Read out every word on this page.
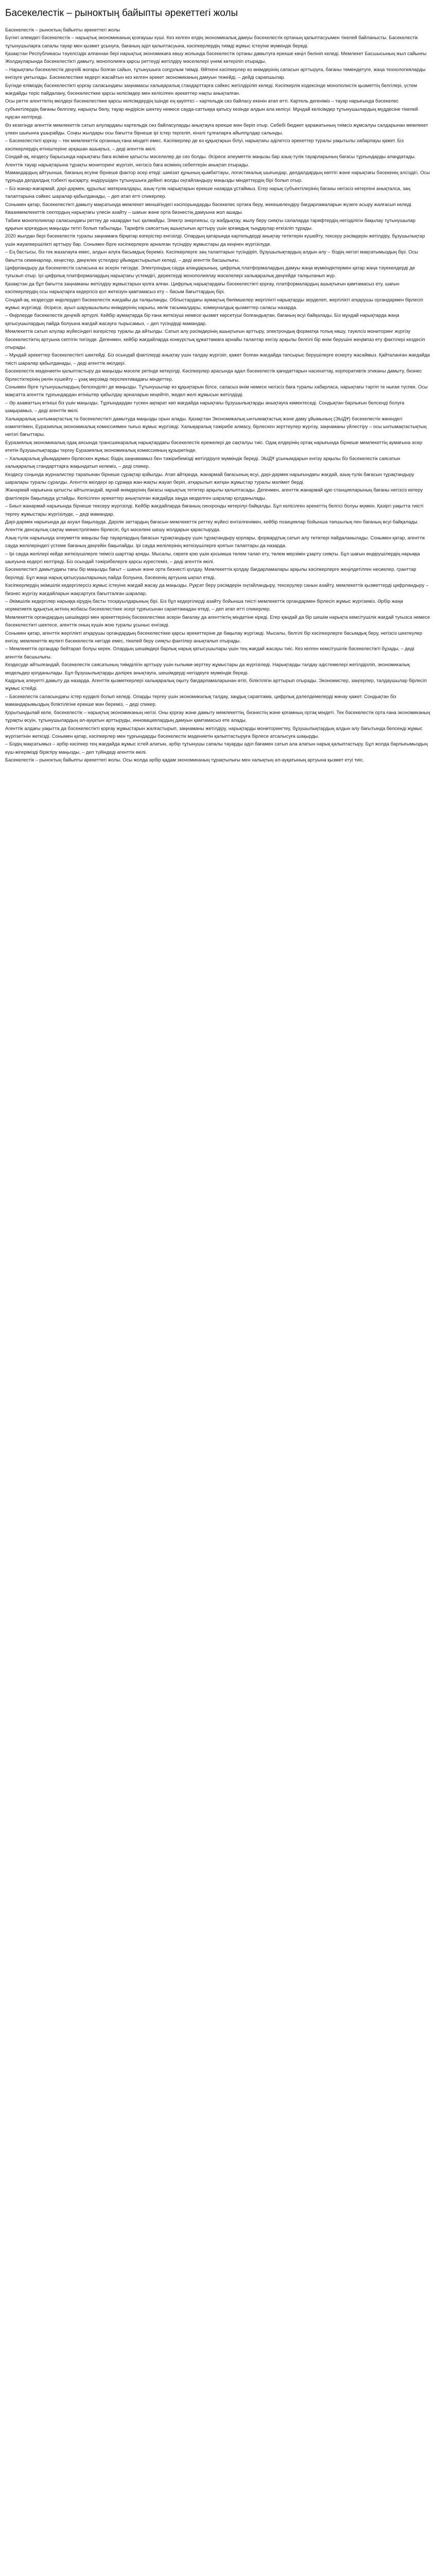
Басекелестік – рыноктың байыпты әрекеттегі жолы

Басекелестік – рыноктың байыпты әрекеттегі жолы

Бүгінгі әлемдегі бәсекелестік – нарықтық экономиканың қозғаушы күші. Кез келген елдің экономикалық дамуы бәсекелестік ортаның қалыптасуымен тікелей байланысты. Басекелестік тұтынушыларға сапалы тауар мен қызмет ұсынуға, бағаның әділ қалыптасуына, кәсіпкерлердің тиімді жұмыс істеуіне мүмкіндік береді.

Қазақстан Республикасы тәуелсіздік алғаннан бері нарықтық экономикаға көшу жолында бәсекелестік ортаны дамытуға ерекше көңіл бөлініп келеді. Мемлекет Басшысының жыл сайынғы Жолдауларында бәсекелестікті дамыту, монополияға қарсы реттеуді жетілдіру мәселелері үнемі көтеріліп отырады.

– Нарықтағы бәсекелестік деңгейі жоғары болған сайын, тұтынушыға соғұрлым тиімді. Өйткені кәсіпкерлер өз өнімдерінің сапасын арттыруға, бағаны төмендетуге, жаңа технологияларды енгізуге ұмтылады. Бәсекелестікке кедергі жасайтын кез келген әрекет экономиканың дамуын тежейді, – дейді сарапшылар.

Бүгінде еліміздің бәсекелестікті қорғау саласындағы заңнамасы халықаралық стандарттарға сәйкес жетілдіріліп келеді. Кәсіпкерлік кодексінде монополистік қызметтің белгілері, үстем жағдайды теріс пайдалану, бәсекелестікке қарсы келісімдер мен келісілген әрекеттер нақты анықталған.

Осы ретте агенттіктің өкілдері бәсекелестікке қарсы келісімдердің ішінде ең қауіптісі – картельдік сөз байласу екенін атап өтті. Картель дегеніміз – тауар нарығында бәсекелес субъектілердің бағаны белгілеу, нарықты бөлу, тауар өндірісін шектеу немесе сауда-саттыққа қатысу кезінде алдын ала келісуі. Мұндай келісімдер тұтынушылардың мүддесіне тікелей нұқсан келтіреді.

Өз кезегінде агенттік мемлекеттік сатып алулардағы картельдік сөз байласуларды анықтауға ерекше мән беріп отыр. Себебі бюджет қаражатының тиімсіз жұмсалуы салдарынан мемлекет үлкен шығынға ұшырайды. Соңғы жылдары осы бағытта бірнеше ірі істер тергеліп, кінәлі тұлғаларға айыппұлдар салынды.

– Бәсекелестікті қорғау – тек мемлекеттік органның ғана міндеті емес. Кәсіпкерлер де өз құқықтарын білуі, нарықтағы әділетсіз әрекеттер туралы уақытылы хабарлауы қажет. Біз кәсіпкерлердің өтініштеріне әрқашан ашықпыз, – деді агенттік өкілі.

Сондай-ақ, кездесу барысында нарықтағы баға өсіміне қатысты мәселелер де сөз болды. Әсіресе әлеуметтік маңызы бар азық-түлік тауарларының бағасы тұрғындарды алаңдатады. Агенттік тауар нарықтарына тұрақты мониторинг жүргізіп, негізсіз баға өсімінің себептерін анықтап отырады.

Мамандардың айтуынша, бағаның өсуіне бірнеше фактор әсер етеді: шикізат құнының қымбаттауы, логистикалық шығындар, делдалдардың көптігі және нарықтағы бәсекенің әлсіздігі. Осы тұрғыда делдалдық тізбекті қысқарту, өндірушіден тұтынушыға дейінгі жолды оңтайландыру маңызды міндеттердің бірі болып отыр.

– Біз жанар-жағармай, дәрі-дәрмек, құрылыс материалдары, азық-түлік нарықтарын ерекше назарда ұстаймыз. Егер нарық субъектілерінің бағаны негізсіз көтергені анықталса, заң талаптарына сәйкес шаралар қабылданады, – деп атап өтті спикерлер.

Сонымен қатар, бәсекелестікті дамыту мақсатында мемлекет меншігіндегі кәсіпорындарды бәсекелес ортаға беру, жекешелендіру бағдарламаларын жүзеге асыру жалғасып келеді. Квазимемлекеттік сектордың нарықтағы үлесін азайту – шағын және орта бизнестің дамуына жол ашады.

Табиғи монополиялар саласындағы реттеу де назардан тыс қалмайды. Электр энергиясы, су жабдықтау, жылу беру сияқты салаларда тарифтердің негізділігін бақылау тұтынушылар құқығын қорғаудың маңызды тетігі болып табылады. Тарифтік саясаттың ашықтығын арттыру үшін қоғамдық тыңдаулар өткізіліп тұрады.

2020 жылдан бері бәсекелестік туралы заңнамаға бірқатар өзгерістер енгізілді. Олардың қатарында картельдерді анықтау тетіктерін күшейту, тексеру рәсімдерін жетілдіру, бұзушылықтар үшін жауапкершілікті арттыру бар. Сонымен бірге кәсіпкерлерге арналған түсіндіру жұмыстары да кеңінен жүргізілуде.

– Ең бастысы, біз тек жазалауға емес, алдын алуға басымдық береміз. Кәсіпкерлерге заң талаптарын түсіндіріп, бұзушылықтардың алдын алу – біздің негізгі мақсатымыздың бірі. Осы бағытта семинарлар, кеңестер, дөңгелек үстелдер ұйымдастырылып келеді, – деді агенттік басшылығы.

Цифрландыру да бәсекелестік саласына өз әсерін тигізуде. Электрондық сауда алаңдарының, цифрлық платформалардың дамуы жаңа мүмкіндіктермен қатар жаңа тәуекелдерді де туғызып отыр. Ірі цифрлық платформалардың нарықтағы үстемдігі, деректерді монополиялау мәселелері халықаралық деңгейде талқыланып жүр.

Қазақстан да бұл бағытта заңнаманы жетілдіру жұмыстарын қолға алған. Цифрлық нарықтардағы бәсекелестікті қорғау, платформалардың ашықтығын қамтамасыз ету, шағын кәсіпкерлердің осы нарықтарға кедергісіз қол жеткізуін қамтамасыз ету – басым бағыттардың бірі.

Сондай-ақ, кездесуде өңірлердегі бәсекелестік жағдайы да талқыланды. Облыстардағы аумақтық бөлімшелер жергілікті нарықтарды зерделеп, жергілікті атқарушы органдармен бірлесіп жұмыс жүргізеді. Әсіресе, ауыл шаруашылығы өнімдерінің нарығы, көлік тасымалдары, коммуналдық қызметтер саласы назарда.

– Өңірлерде бәсекелестік деңгейі әртүрлі. Кейбір аумақтарда бір ғана жеткізуші немесе қызмет көрсетуші болғандықтан, бағаның өсуі байқалады. Біз мұндай нарықтарда жаңа қатысушылардың пайда болуына жағдай жасауға тырысамыз, – деп түсіндірді мамандар.

Мемлекеттік сатып алулар жүйесіндегі өзгерістер туралы да айтылды. Сатып алу рәсімдерінің ашықтығын арттыру, электрондық форматқа толық көшу, тәуелсіз мониторинг жүргізу бәсекелестіктің артуына септігін тигізуде. Дегенмен, кейбір жағдайларда конкурстық құжаттамаға арнайы талаптар енгізу арқылы белгілі бір өнім берушіні жеңімпаз ету фактілері кездесіп отырады.

– Мұндай әрекеттер бәсекелестікті шектейді. Біз осындай фактілерді анықтау үшін талдау жүргізіп, қажет болған жағдайда тапсырыс берушілерге ескерту жасаймыз. Қайталанған жағдайда тиісті шаралар қабылданады, – деді агенттік өкілдері.

Бәсекелестік мәдениетін қалыптастыру да маңызды мәселе ретінде көтерілді. Кәсіпкерлер арасында адал бәсекелестік қағидаттарын насихаттау, корпоративтік этиканы дамыту, бизнес бірлестіктерінің рөлін күшейту – ұзақ мерзімді перспективадағы міндеттер.

Сонымен бірге тұтынушылардың белсенділігі де маңызды. Тұтынушылар өз құқықтарын білсе, сапасыз өнім немесе негізсіз баға туралы хабарласа, нарықтағы тәртіп те нығая түспек. Осы мақсатта агенттік тұрғындардан өтініштер қабылдау арналарын кеңейтіп, жедел желі жұмысын жетілдірді.

– Әр азаматтың өтініші біз үшін маңызды. Тұрғындардан түскен ақпарат көп жағдайда нарықтағы бұзушылықтарды анықтауға көмектеседі. Сондықтан барлығын белсенді болуға шақырамыз, – деді агенттік өкілі.

Халықаралық ынтымақтастық та бәсекелестікті дамытуда маңызды орын алады. Қазақстан Экономикалық ынтымақтастық және даму ұйымының (ЭЫДҰ) бәсекелестік жөніндегі комитетімен, Еуразиялық экономикалық комиссиямен тығыз жұмыс жүргізеді. Халықаралық тәжірибе алмасу, бірлескен зерттеулер жүргізу, заңнаманы үйлестіру – осы ынтымақтастықтың негізгі бағыттары.

Еуразиялық экономикалық одақ аясында трансшекаралық нарықтардағы бәсекелестік ережелері де сақталуы тиіс. Одақ елдерінің ортақ нарығында бірнеше мемлекеттің аумағына әсер ететін бұзушылықтарды тергеу Еуразиялық экономикалық комиссияның құзыретінде.

– Халықаралық ұйымдармен бірлескен жұмыс біздің заңнамамыз бен тәжірибемізді жетілдіруге мүмкіндік береді. ЭЫДҰ ұсынымдарын енгізу арқылы біз бәсекелестік саясатын халықаралық стандарттарға жақындатып келеміз, – деді спикер.

Кездесу соңында журналистер тарапынан бірнеше сұрақтар қойылды. Атап айтқанда, жанармай бағасының өсуі, дәрі-дәрмек нарығындағы жағдай, азық-түлік бағасын тұрақтандыру шаралары туралы сұралды. Агенттік өкілдері әр сұраққа жан-жақты жауап беріп, атқарылып жатқан жұмыстар туралы мәлімет берді.

Жанармай нарығына қатысты айтылғандай, мұнай өнімдерінің бағасы нарықтық тетіктер арқылы қалыптасады. Дегенмен, агенттік жанармай құю станцияларының бағаны негізсіз көтеру фактілерін бақылауда ұстайды. Келісілген әрекеттер анықталған жағдайда заңда көзделген шаралар қолданылады.

– Биыл жанармай нарығында бірнеше тексеру жүргізілді. Кейбір жағдайларда бағаның синхронды көтерілуі байқалды. Бұл келісілген әрекеттің белгісі болуы мүмкін. Қазіргі уақытта тиісті тергеу жұмыстары жүргізілуде, – деді мамандар.

Дәрі-дәрмек нарығында да ахуал бақылауда. Дәрілік заттардың бағасын мемлекеттік реттеу жүйесі енгізілгенімен, кейбір позициялар бойынша тапшылық пен бағаның өсуі байқалады. Агенттік денсаулық сақтау министрлігімен бірлесіп, бұл мәселені шешу жолдарын қарастыруда.

Азық-түлік нарығында әлеуметтік маңызы бар тауарлардың бағасын тұрақтандыру үшін тұрақтандыру қорлары, форвардтық сатып алу тетіктері пайдаланылады. Сонымен қатар, агенттік сауда желілеріндегі үстеме бағаның деңгейін бақылайды. Ірі сауда желілерінің жеткізушілерге қоятын талаптары да назарда.

– Ірі сауда желілері кейде жеткізушілерге тиімсіз шарттар қояды. Мысалы, сөреге қою үшін қосымша төлем талап ету, төлем мерзімін ұзарту сияқты. Бұл шағын өндірушілердің нарыққа шығуына кедергі келтіреді. Біз осындай тәжірибелерге қарсы күрестеміз, – деді агенттік өкілі.

Бәсекелестікті дамытудағы тағы бір маңызды бағыт – шағын және орта бизнесті қолдау. Мемлекеттік қолдау бағдарламалары арқылы кәсіпкерлерге жеңілдетілген несиелер, гранттар беріледі. Бұл жаңа нарық қатысушыларының пайда болуына, бәсекенің артуына ықпал етеді.

Кәсіпкерлердің әкімшілік кедергілерсіз жұмыс істеуіне жағдай жасау да маңызды. Рұқсат беру рәсімдерін оңтайландыру, тексерулер санын азайту, мемлекеттік қызметтерді цифрландыру – бизнес жүргізу жағдайларын жақсартуға бағытталған шаралар.

– Әкімшілік кедергілер нарыққа кірудің басты тосқауылдарының бірі. Біз бұл кедергілерді азайту бойынша тиісті мемлекеттік органдармен бірлесіп жұмыс жүргіземіз. Әрбір жаңа нормативтік құқықтық актінің жобасы бәсекелестікке әсері тұрғысынан сараптамадан өтеді, – деп атап өтті спикерлер.

Мемлекеттік органдардың шешімдері мен әрекеттерінің бәсекелестікке әсерін бағалау да агенттіктің міндетіне кіреді. Егер қандай да бір шешім нарықта кемсітушілік жағдай туғызса немесе бәсекелестікті шектесе, агенттік оның күшін жою туралы ұсыныс енгізеді.

Сонымен қатар, агенттік жергілікті атқарушы органдардың бәсекелестікке қарсы әрекеттеріне де бақылау жүргізеді. Мысалы, белгілі бір кәсіпкерлерге басымдық беру, негізсіз шектеулер енгізу, мемлекеттік мүлікті бәсекелестік негізде емес, тікелей беру сияқты фактілер анықталып отырады.

– Мемлекеттік органдар бейтарап болуы керек. Олардың шешімдері барлық нарық қатысушылары үшін тең жағдай жасауы тиіс. Кез келген кемсітушілік бәсекелестікті бұзады, – деді агенттік басшылығы.

Кездесуде айтылғандай, бәсекелестік саясатының тиімділігін арттыру үшін ғылыми-зерттеу жұмыстары да жүргізіледі. Нарықтарды талдау әдістемелері жетілдіріліп, экономикалық модельдер қолданылады. Бұл бұзушылықтарды дәлірек анықтауға, шешімдерді негіздеуге мүмкіндік береді.

Кадрлық әлеуетті дамыту да назарда. Агенттік қызметкерлері халықаралық оқыту бағдарламаларынан өтіп, біліктілігін арттырып отырады. Экономистер, заңгерлер, талдаушылар бірлесіп жұмыс істейді.

– Бәсекелестік саласындағы істер күрделі болып келеді. Оларды тергеу үшін экономикалық талдау, заңдық сараптама, цифрлық дәлелдемелерді жинау қажет. Сондықтан біз мамандарымыздың біліктілігіне ерекше мән береміз, – деді спикер.

Қорытындылай келе, бәсекелестік – нарықтық экономиканың негізі. Оны қорғау және дамыту мемлекеттің, бизнестің және қоғамның ортақ міндеті. Тек бәсекелестік орта ғана экономиканың тұрақты өсуін, тұтынушылардың әл-ауқатын арттыруды, инновациялардың дамуын қамтамасыз ете алады.

Агенттік алдағы уақытта да бәсекелестікті қорғау жұмыстарын жалғастырып, заңнаманы жетілдіру, нарықтарды мониторингтеу, бұзушылықтардың алдын алу бағытында белсенді жұмыс жүргізетінін жеткізді. Сонымен қатар, кәсіпкерлер мен тұрғындарды бәсекелестік мәдениетін қалыптастыруға бірлесе атсалысуға шақырды.

– Біздің мақсатымыз – әрбір кәсіпкер тең жағдайда жұмыс істей алатын, әрбір тұтынушы сапалы тауарды әділ бағамен сатып ала алатын нарық қалыптастыру. Бұл жолда барлығымыздың күш-жігерімізді біріктіру маңызды, – деп түйіндеді агенттік өкілі.

Басекелестік – рыноктың байыпты әрекеттегі жолы. Осы жолда әрбір қадам экономиканың тұрақтылығы мен халықтың әл-ауқатының артуына қызмет етуі тиіс.
